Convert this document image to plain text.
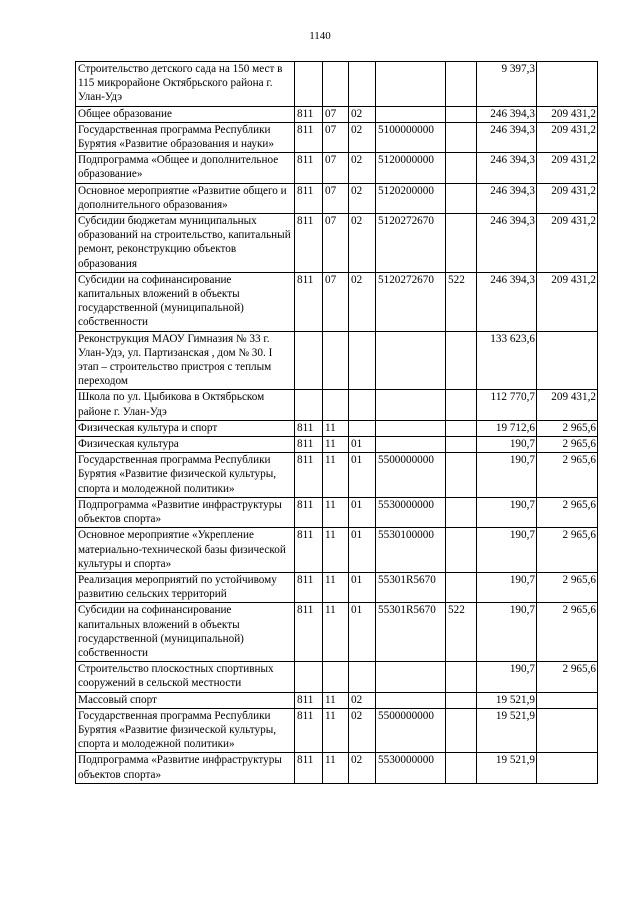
1140
Строительство детского сада на 150 мест в 115 микрорайоне Октябрьского района г. Улан-Удэ						9 397,3	
Общее образование	811	07	02			246 394,3	209 431,2
Государственная программа Республики Бурятия «Развитие образования и науки»	811	07	02	5100000000		246 394,3	209 431,2
Подпрограмма «Общее и дополнительное образование»	811	07	02	5120000000		246 394,3	209 431,2
Основное мероприятие «Развитие общего и дополнительного образования»	811	07	02	5120200000		246 394,3	209 431,2
Субсидии бюджетам муниципальных образований на строительство, капитальный ремонт, реконструкцию объектов образования	811	07	02	5120272670		246 394,3	209 431,2
Субсидии на софинансирование капитальных вложений в объекты государственной (муниципальной) собственности	811	07	02	5120272670	522	246 394,3	209 431,2
Реконструкция МАОУ Гимназия № 33 г. Улан-Удэ, ул. Партизанская , дом № 30. I этап – строительство пристроя с теплым переходом						133 623,6	
Школа по ул. Цыбикова в Октябрьском районе г. Улан-Удэ						112 770,7	209 431,2
Физическая культура и спорт	811	11				19 712,6	2 965,6
Физическая культура	811	11	01			190,7	2 965,6
Государственная программа Республики Бурятия «Развитие физической культуры, спорта и молодежной политики»	811	11	01	5500000000		190,7	2 965,6
Подпрограмма «Развитие инфраструктуры объектов спорта»	811	11	01	5530000000		190,7	2 965,6
Основное мероприятие «Укрепление материально-технической базы физической культуры и спорта»	811	11	01	5530100000		190,7	2 965,6
Реализация мероприятий по устойчивому развитию сельских территорий	811	11	01	55301R5670		190,7	2 965,6
Субсидии на софинансирование капитальных вложений в объекты государственной (муниципальной) собственности	811	11	01	55301R5670	522	190,7	2 965,6
Строительство плоскостных спортивных сооружений в сельской местности						190,7	2 965,6
Массовый спорт	811	11	02			19 521,9	
Государственная программа Республики Бурятия «Развитие физической культуры, спорта и молодежной политики»	811	11	02	5500000000		19 521,9	
Подпрограмма «Развитие инфраструктуры объектов спорта»	811	11	02	5530000000		19 521,9	
